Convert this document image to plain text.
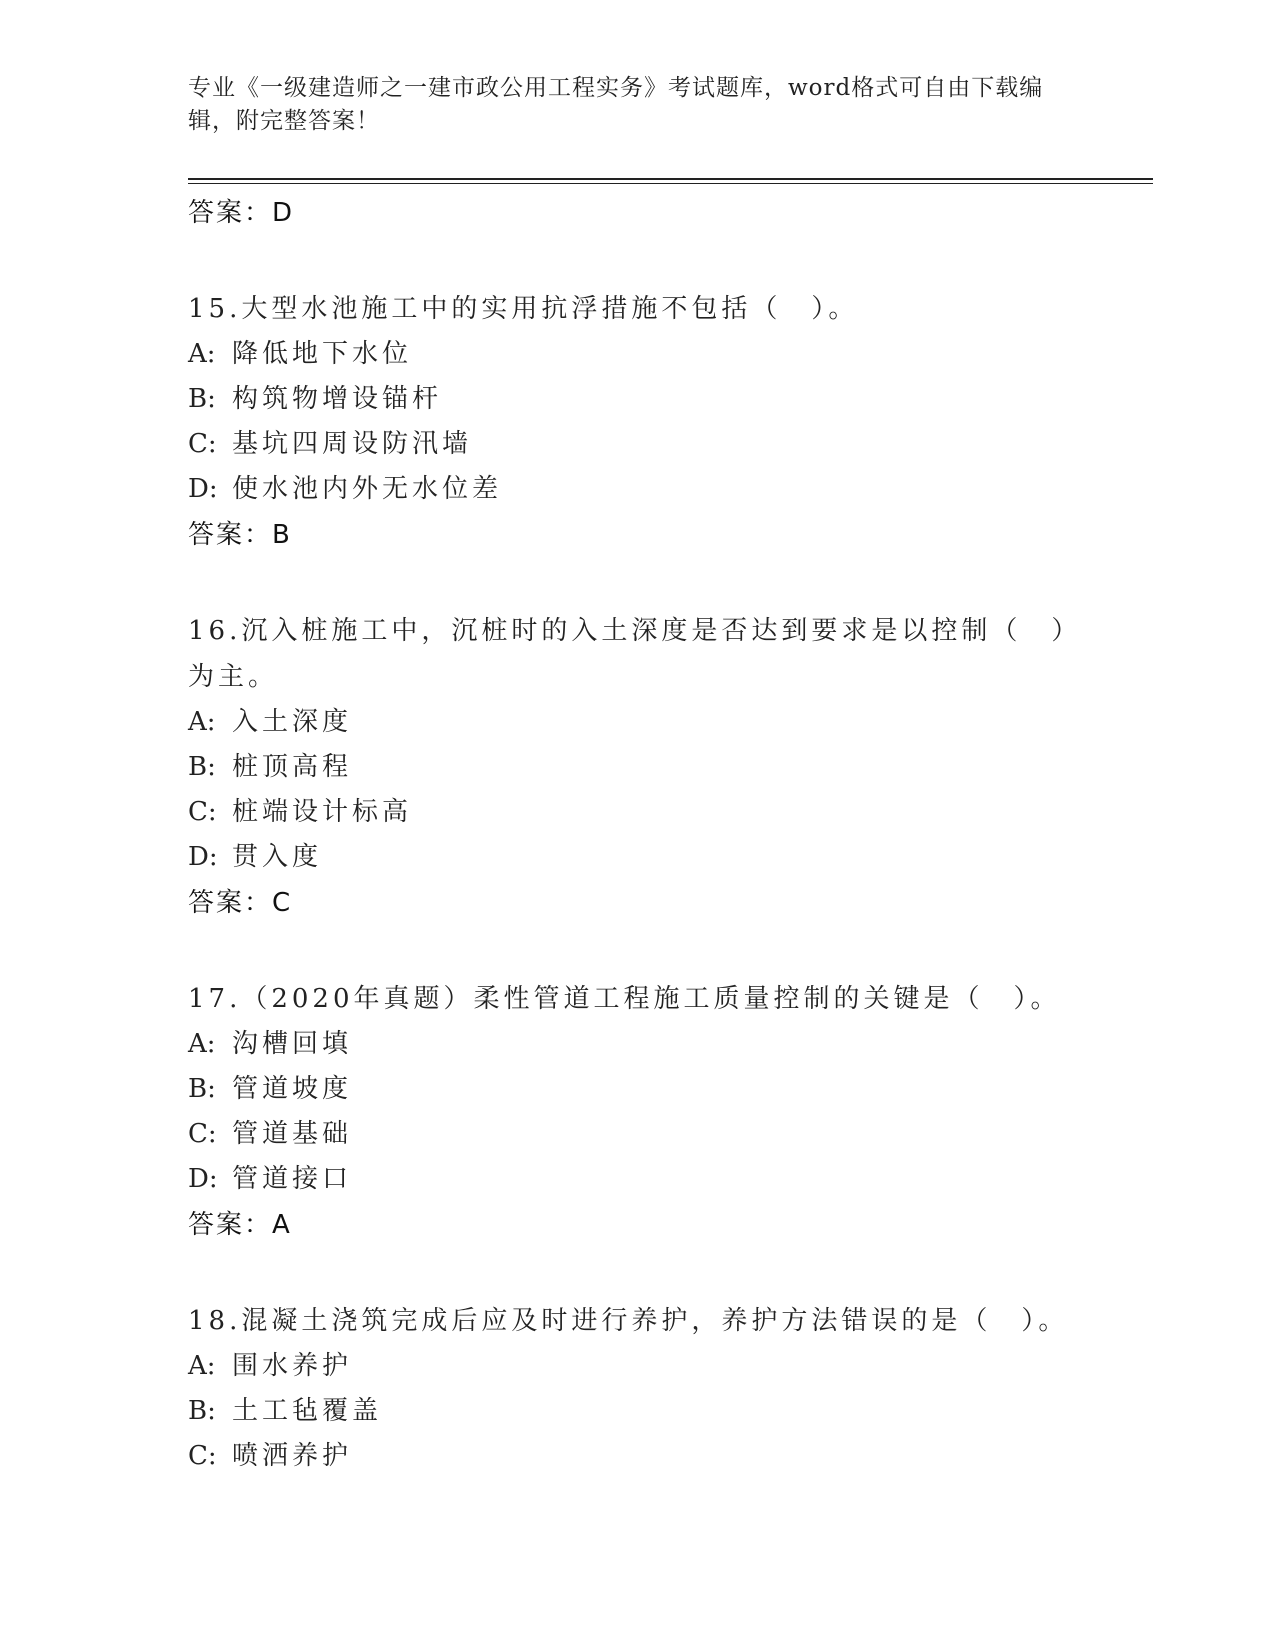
专业《一级建造师之一建市政公用工程实务》考试题库，word格式可自由下载编
辑，附完整答案！
答案：D
15.大型水池施工中的实用抗浮措施不包括（　）。
A: 降低地下水位
B: 构筑物增设锚杆
C: 基坑四周设防汛墙
D: 使水池内外无水位差
答案：B
16.沉入桩施工中，沉桩时的入土深度是否达到要求是以控制（　）为主。
A: 入土深度
B: 桩顶高程
C: 桩端设计标高
D: 贯入度
答案：C
17.（2020年真题）柔性管道工程施工质量控制的关键是（　）。
A: 沟槽回填
B: 管道坡度
C: 管道基础
D: 管道接口
答案：A
18.混凝土浇筑完成后应及时进行养护，养护方法错误的是（　）。
A: 围水养护
B: 土工毡覆盖
C: 喷洒养护
